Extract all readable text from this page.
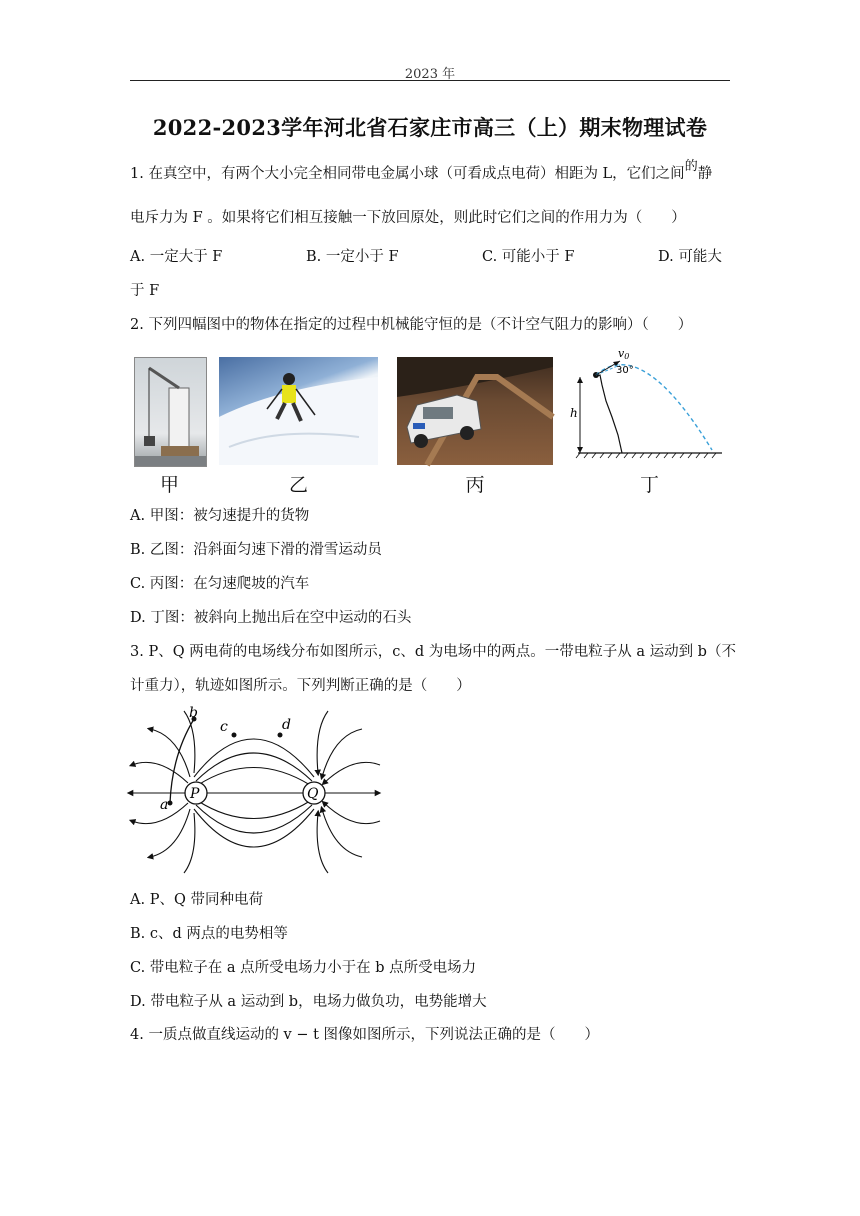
2023 年
2022-2023学年河北省石家庄市高三（上）期末物理试卷
1. 在真空中，有两个大小完全相同带电金属小球（可看成点电荷）相距为 L，它们之间的静
电斥力为 F 。如果将它们相互接触一下放回原处，则此时它们之间的作用力为（　　）
A. 一定大于 F	B. 一定小于 F	C. 可能小于 F	D. 可能大
于 F
2. 下列四幅图中的物体在指定的过程中机械能守恒的是（不计空气阻力的影响）（　　）
h
v0
30°
甲	乙	丙	丁
A. 甲图：被匀速提升的货物
B. 乙图：沿斜面匀速下滑的滑雪运动员
C. 丙图：在匀速爬坡的汽车
D. 丁图：被斜向上抛出后在空中运动的石头
3. P、Q 两电荷的电场线分布如图所示，c、d 为电场中的两点。一带电粒子从 a 运动到 b（不
计重力），轨迹如图所示。下列判断正确的是（　　）
P	Q
a
b
c	d
A. P、Q 带同种电荷
B. c、d 两点的电势相等
C. 带电粒子在 a 点所受电场力小于在 b 点所受电场力
D. 带电粒子从 a 运动到 b，电场力做负功，电势能增大
4. 一质点做直线运动的 v − t 图像如图所示，下列说法正确的是（　　）
